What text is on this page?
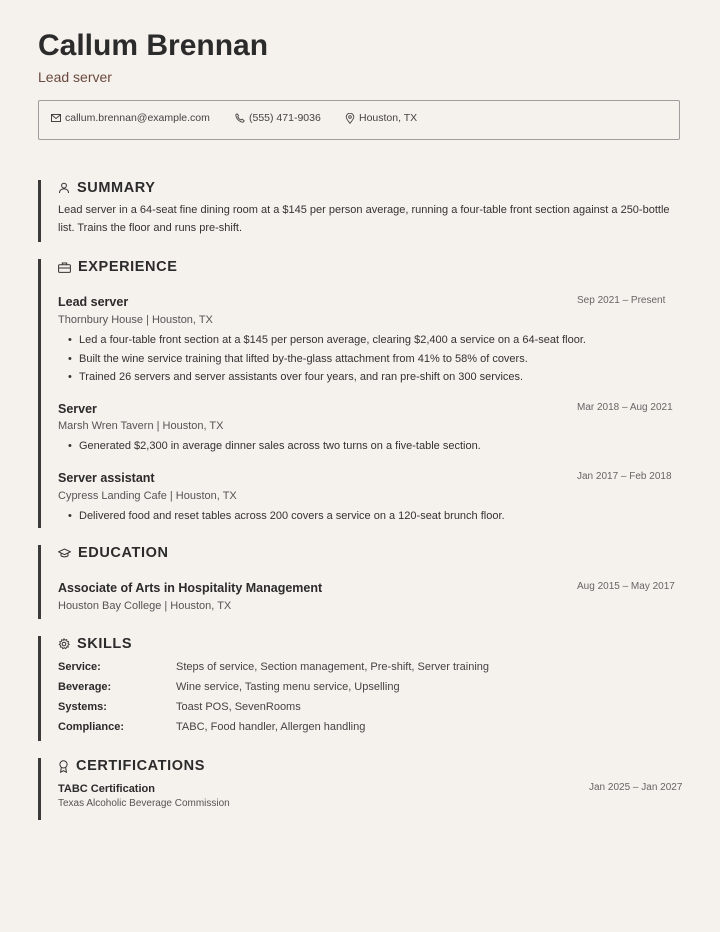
Callum Brennan
Lead server
callum.brennan@example.com	(555) 471-9036	Houston, TX
SUMMARY
Lead server in a 64-seat fine dining room at a $145 per person average, running a four-table front section against a 250-bottle
list. Trains the floor and runs pre-shift.
EXPERIENCE
Lead server	Sep 2021 – Present
Thornbury House | Houston, TX
• Led a four-table front section at a $145 per person average, clearing $2,400 a service on a 64-seat floor.
• Built the wine service training that lifted by-the-glass attachment from 41% to 58% of covers.
• Trained 26 servers and server assistants over four years, and ran pre-shift on 300 services.
Server	Mar 2018 – Aug 2021
Marsh Wren Tavern | Houston, TX
• Generated $2,300 in average dinner sales across two turns on a five-table section.
Server assistant	Jan 2017 – Feb 2018
Cypress Landing Cafe | Houston, TX
• Delivered food and reset tables across 200 covers a service on a 120-seat brunch floor.
EDUCATION
Associate of Arts in Hospitality Management	Aug 2015 – May 2017
Houston Bay College | Houston, TX
SKILLS
Service:	Steps of service, Section management, Pre-shift, Server training
Beverage:	Wine service, Tasting menu service, Upselling
Systems:	Toast POS, SevenRooms
Compliance:	TABC, Food handler, Allergen handling
CERTIFICATIONS
TABC Certification	Jan 2025 – Jan 2027
Texas Alcoholic Beverage Commission
